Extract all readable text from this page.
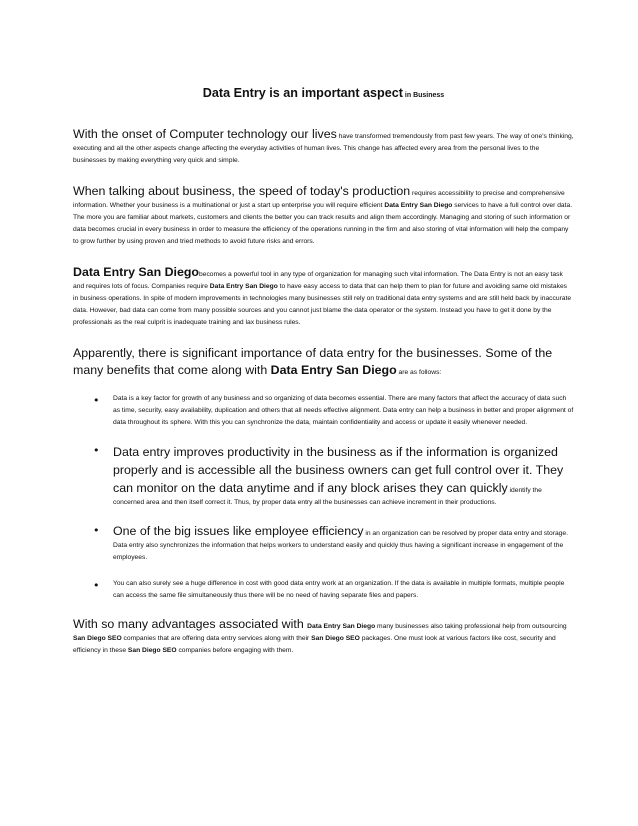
Data Entry is an important aspect in Business

With the onset of Computer technology our lives have transformed tremendously from past few years. The way of one's thinking, executing and all the other aspects change affecting the everyday activities of human lives. This change has affected every area from the personal lives to the businesses by making everything very quick and simple.

When talking about business, the speed of today's production requires accessibility to precise and comprehensive information. Whether your business is a multinational or just a start up enterprise you will require efficient Data Entry San Diego services to have a full control over data. The more you are familiar about markets, customers and clients the better you can track results and align them accordingly. Managing and storing of such information or data becomes crucial in every business in order to measure the efficiency of the operations running in the firm and also storing of vital information will help the company to grow further by using proven and tried methods to avoid future risks and errors.

Data Entry San Diegobecomes a powerful tool in any type of organization for managing such vital information. The Data Entry is not an easy task and requires lots of focus. Companies require Data Entry San Diego to have easy access to data that can help them to plan for future and avoiding same old mistakes in business operations. In spite of modern improvements in technologies many businesses still rely on traditional data entry systems and are still held back by inaccurate data. However, bad data can come from many possible sources and you cannot just blame the data operator or the system. Instead you have to get it done by the professionals as the real culprit is inadequate training and lax business rules.

Apparently, there is significant importance of data entry for the businesses. Some of the many benefits that come along with Data Entry San Diego are as follows:

• Data is a key factor for growth of any business and so organizing of data becomes essential. There are many factors that affect the accuracy of data such as time, security, easy availability, duplication and others that all needs effective alignment. Data entry can help a business in better and proper alignment of data throughout its sphere. With this you can synchronize the data, maintain confidentiality and access or update it easily whenever needed.
• Data entry improves productivity in the business as if the information is organized properly and is accessible all the business owners can get full control over it. They can monitor on the data anytime and if any block arises they can quickly identify the concerned area and then itself correct it. Thus, by proper data entry all the businesses can achieve increment in their productions.
• One of the big issues like employee efficiency in an organization can be resolved by proper data entry and storage. Data entry also synchronizes the information that helps workers to understand easily and quickly thus having a significant increase in engagement of the employees.
• You can also surely see a huge difference in cost with good data entry work at an organization. If the data is available in multiple formats, multiple people can access the same file simultaneously thus there will be no need of having separate files and papers.

With so many advantages associated with Data Entry San Diego many businesses also taking professional help from outsourcing San Diego SEO companies that are offering data entry services along with their San Diego SEO packages. One must look at various factors like cost, security and efficiency in these San Diego SEO companies before engaging with them.
